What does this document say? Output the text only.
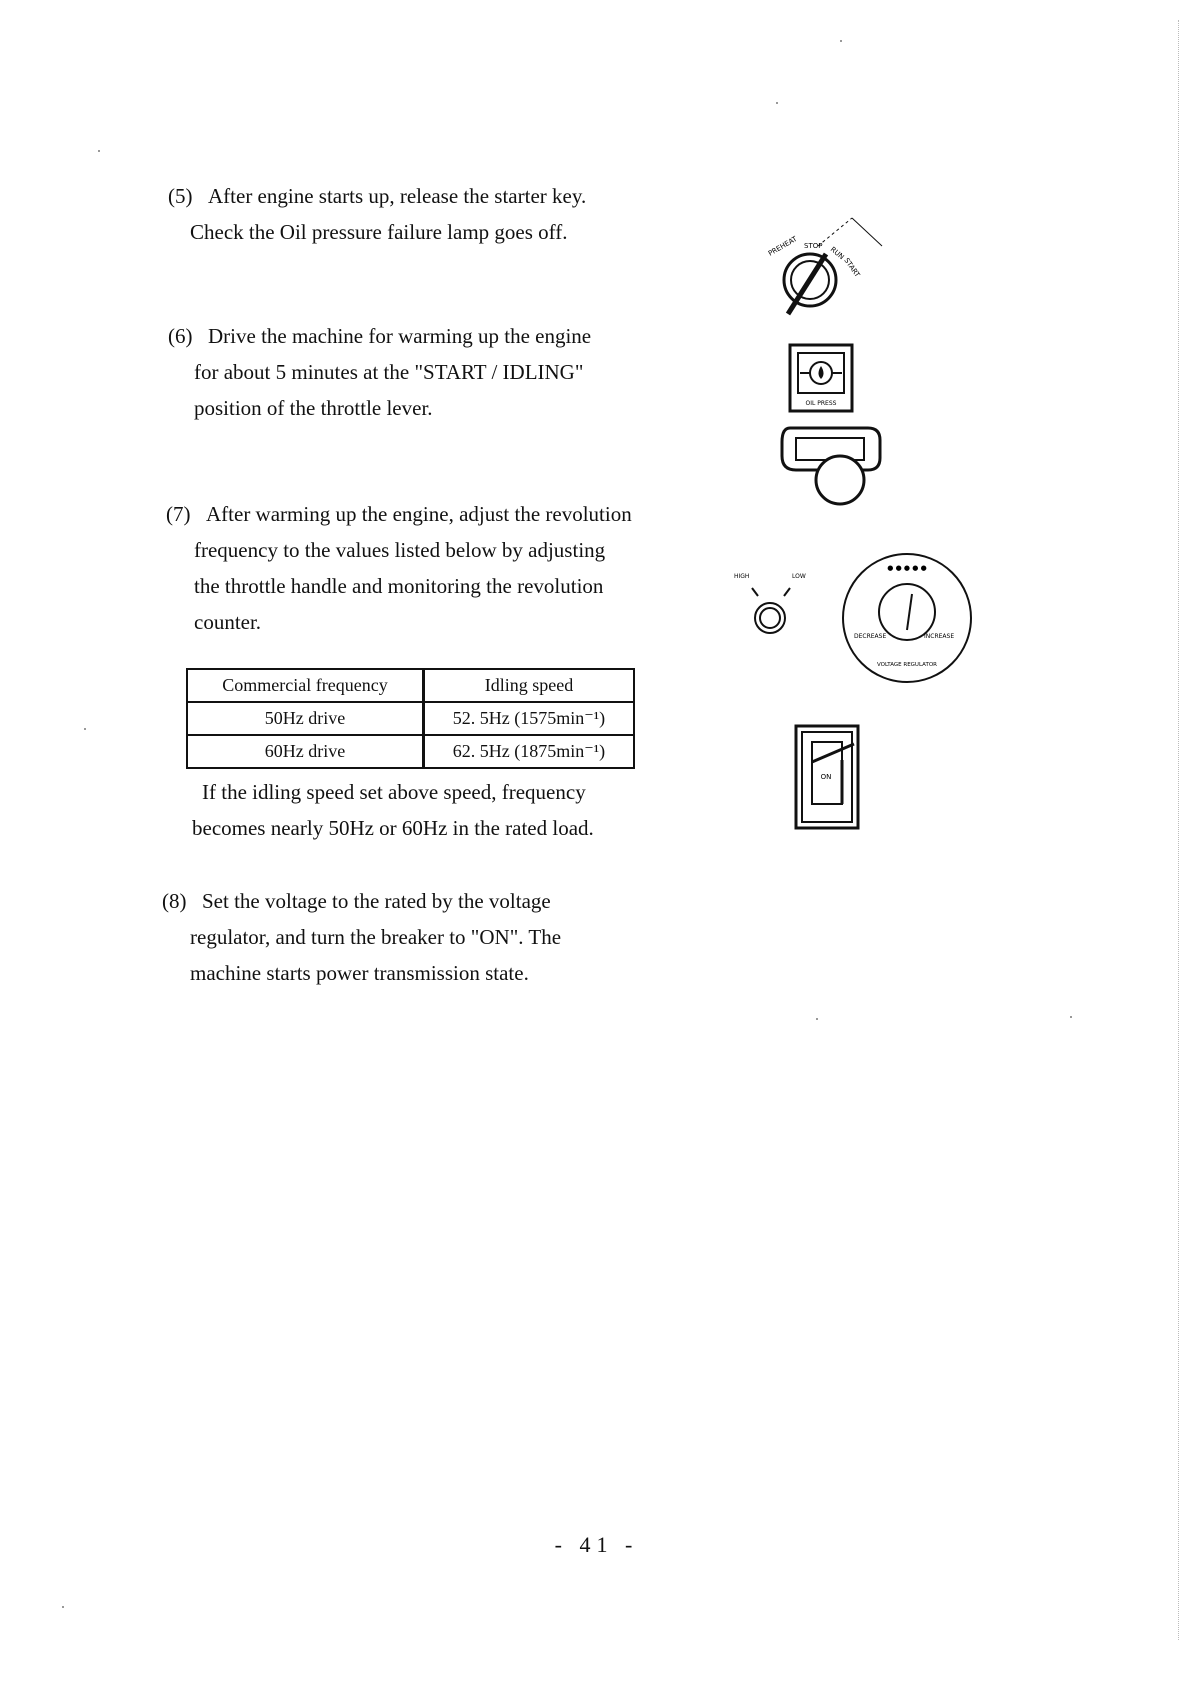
(5) After engine starts up, release the starter key.
Check the Oil pressure failure lamp goes off.
(6) Drive the machine for warming up the engine
for about 5 minutes at the "START / IDLING"
position of the throttle lever.
(7) After warming up the engine, adjust the revolution
frequency to the values listed below by adjusting
the throttle handle and monitoring the revolution
counter.
Commercial frequency	Idling speed
50Hz drive	52. 5Hz (1575min⁻¹)
60Hz drive	62. 5Hz (1875min⁻¹)
If the idling speed set above speed, frequency
becomes nearly 50Hz or 60Hz in the rated load.
(8) Set the voltage to the rated by the voltage
regulator, and turn the breaker to "ON". The
machine starts power transmission state.
PREHEAT STOP RUN
START
OIL PRESS
HIGH	LOW
● ● ● ● ●
DECREASE	INCREASE
VOLTAGE REGULATOR
ON
- 41 -
